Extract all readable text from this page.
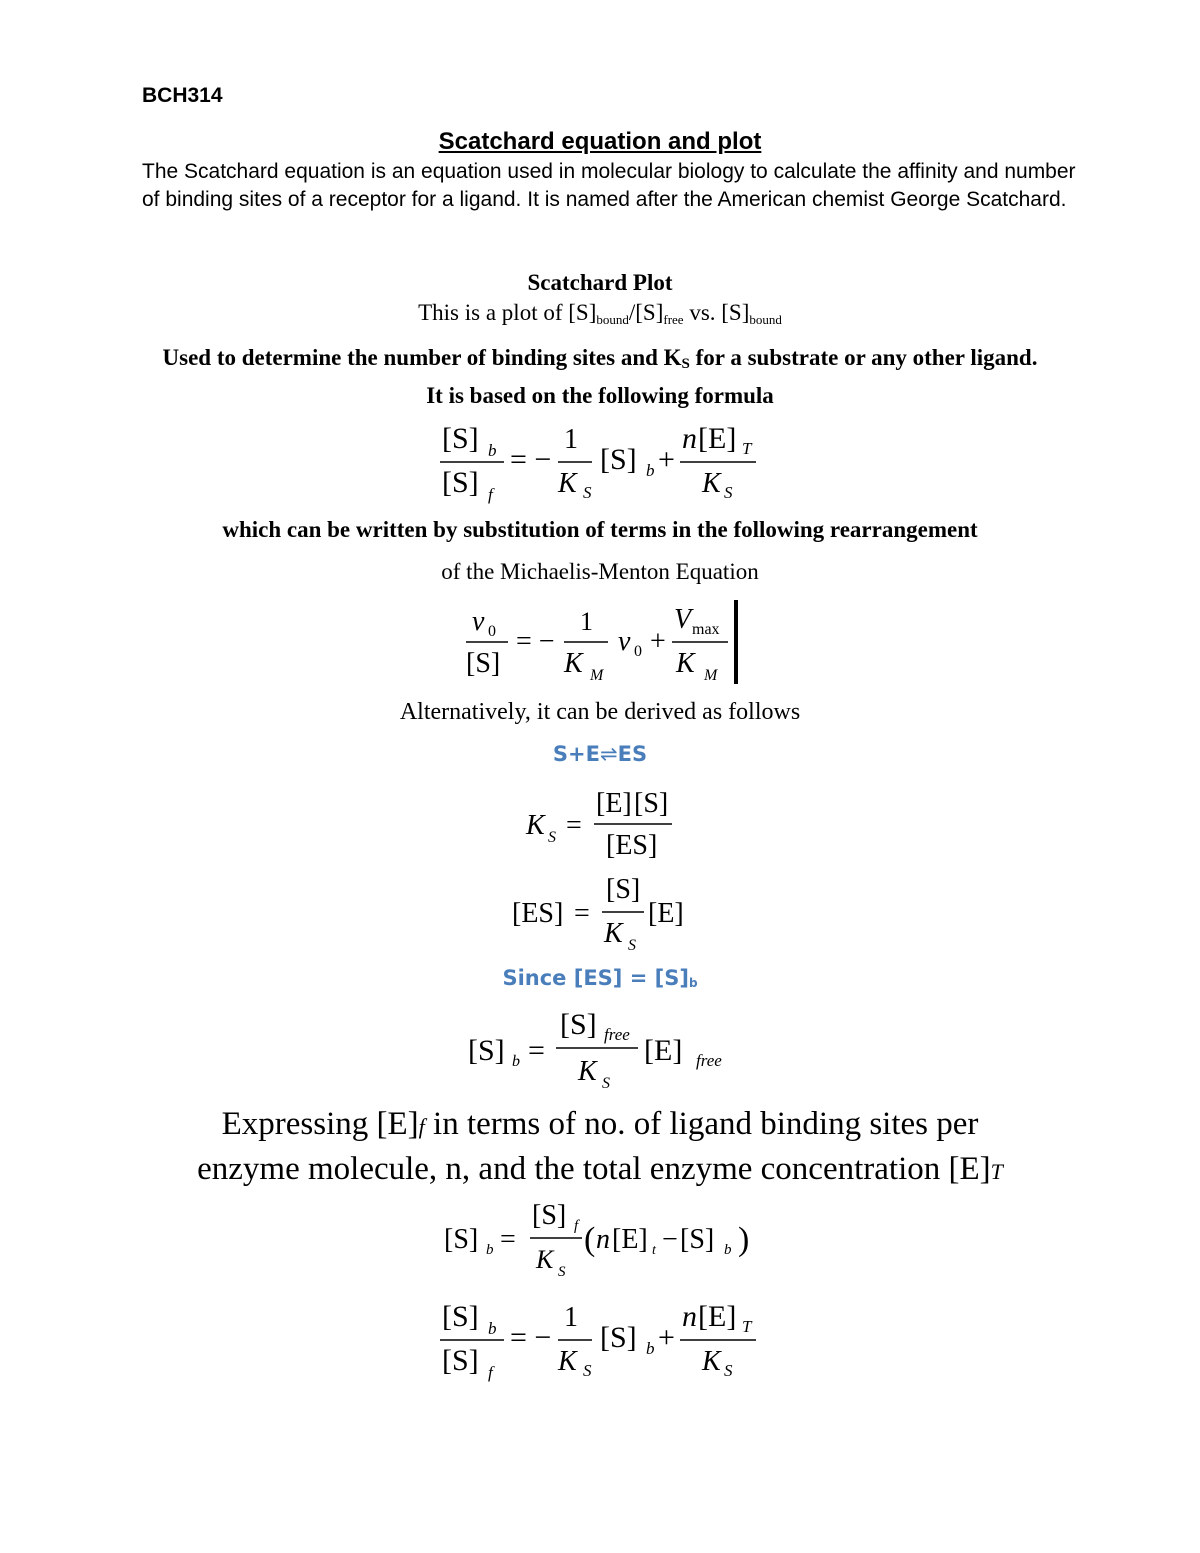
BCH314
Scatchard equation and plot
The Scatchard equation is an equation used in molecular biology to calculate the affinity and number of binding sites of a receptor for a ligand. It is named after the American chemist George Scatchard.
Scatchard Plot
This is a plot of $[S]_{bound}/[S]_{free}$ vs. $[S]_{bound}$
Used to determine the number of binding sites and $K_S$ for a substrate or any other ligand. It is based on the following formula
[S] b
[S] f
= −
1
K S
[S] b +
n [E] T
K S
which can be written by substitution of terms in the following rearrangement
of the Michaelis-Menton Equation
v 0
[S]
= −
1
K M
v 0 +
V max
K M
Alternatively, it can be derived as follows
S+E⇌ES
K S =
[E] [S]
[ES]
[ES] =
[S]
K S
[E]
Since $[ES] = [S]_b$
[S] b =
[S] free
K S
[E] free
Expressing [E]f in terms of no. of ligand binding sites per
enzyme molecule, n, and the total enzyme concentration [E]T
[S] b =
[S] f
K S
( n [E] t − [S] b )
[S] b
[S] f
= −
1
K S
[S] b +
n [E] T
K S
